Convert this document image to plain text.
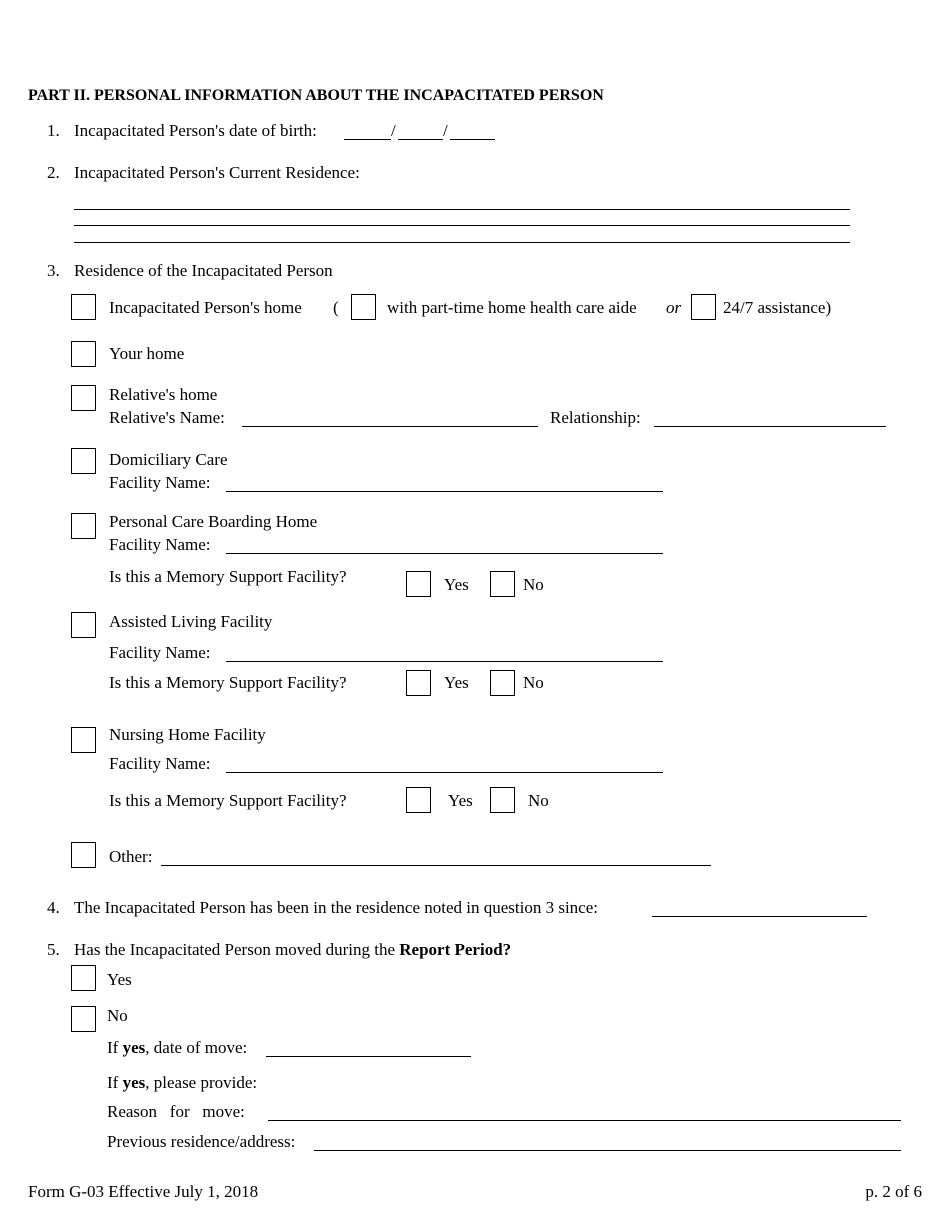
PART II. PERSONAL INFORMATION ABOUT THE INCAPACITATED PERSON
1. Incapacitated Person's date of birth:	/	/
2. Incapacitated Person's Current Residence:
3. Residence of the Incapacitated Person
Incapacitated Person's home (	with part-time home health care aide or 24/7 assistance)
Your home
Relative's home
Relative's Name:	Relationship:
Domiciliary Care
Facility Name:
Personal Care Boarding Home
Facility Name:
Is this a Memory Support Facility?	Yes	No
Assisted Living Facility
Facility Name:
Is this a Memory Support Facility?	Yes	No
Nursing Home Facility
Facility Name:
Is this a Memory Support Facility?	Yes	No
Other:
4. The Incapacitated Person has been in the residence noted in question 3 since:
5. Has the Incapacitated Person moved during the Report Period?
Yes
No
If yes, date of move:
If yes, please provide:
Reason   for   move:
Previous residence/address:
Form G-03 Effective July 1, 2018	p. 2 of 6
